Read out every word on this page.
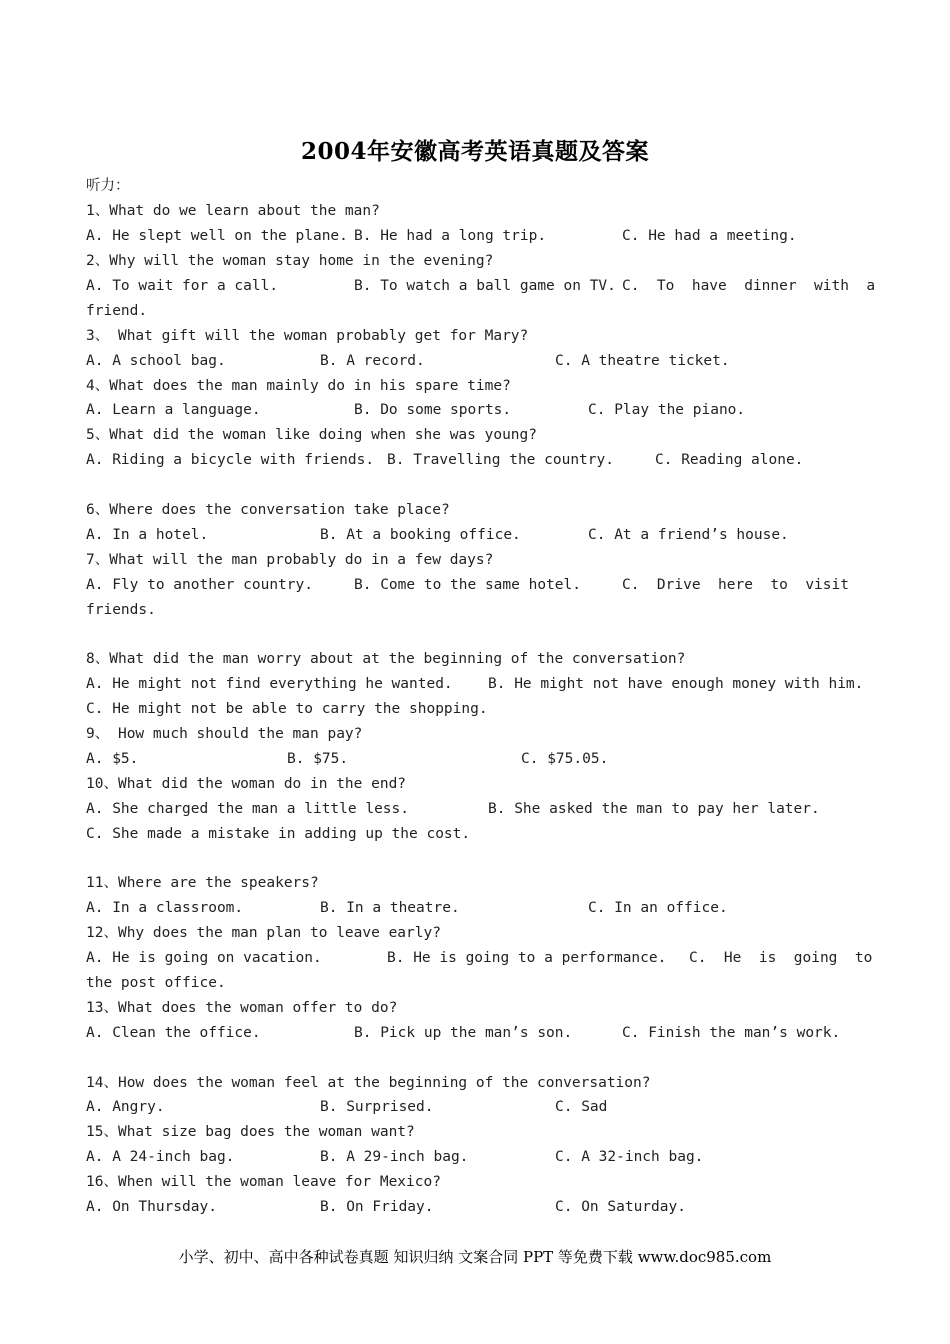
2004年安徽高考英语真题及答案
听力：
1、What do we learn about the man?

A. He slept well on the plane.

B. He had a long trip.

	C. He had a meeting.

2、Why will the woman stay home in the evening?

A. To wait for a call.

	B. To watch a ball game on TV.

C.  To  have  dinner  with  a

friend.
3、 What gift will the woman probably get for Mary?

A. A school bag.

	B. A record.

	C. A theatre ticket.

4、What does the man mainly do in his spare time?

A. Learn a language.

	B. Do some sports.

	C. Play the piano.

5、What did the woman like doing when she was young?

A. Riding a bicycle with friends.

B. Travelling the country.

	C. Reading alone.

6、Where does the conversation take place?

A. In a hotel.

	B. At a booking office.

	C. At a friend’s house.

7、What will the man probably do in a few days?

A. Fly to another country.

	B. Come to the same hotel.

	C.  Drive  here  to  visit

friends.
8、What did the man worry about at the beginning of the conversation?

A. He might not find everything he wanted.

B. He might not have enough money with him.

C. He might not be able to carry the shopping.
9、 How much should the man pay?

A. $5.

	B. $75.

	C. $75.05.

10、What did the woman do in the end?

A. She charged the man a little less.

	B. She asked the man to pay her later.

C. She made a mistake in adding up the cost.
11、Where are the speakers?

A. In a classroom.

	B. In a theatre.

	C. In an office.

12、Why does the man plan to leave early?

A. He is going on vacation.

	B. He is going to a performance.

C.  He  is  going  to

the post office.
13、What does the woman offer to do?

A. Clean the office.

	B. Pick up the man’s son.

	C. Finish the man’s work.

14、How does the woman feel at the beginning of the conversation?

A. Angry.

	B. Surprised.

	C. Sad

15、What size bag does the woman want?

A. A 24-inch bag.

	B. A 29-inch bag.

	C. A 32-inch bag.

16、When will the woman leave for Mexico?

A. On Thursday.

	B. On Friday.

	C. On Saturday.

小学、初中、高中各种试卷真题 知识归纳 文案合同 PPT 等免费下载 www.doc985.com
